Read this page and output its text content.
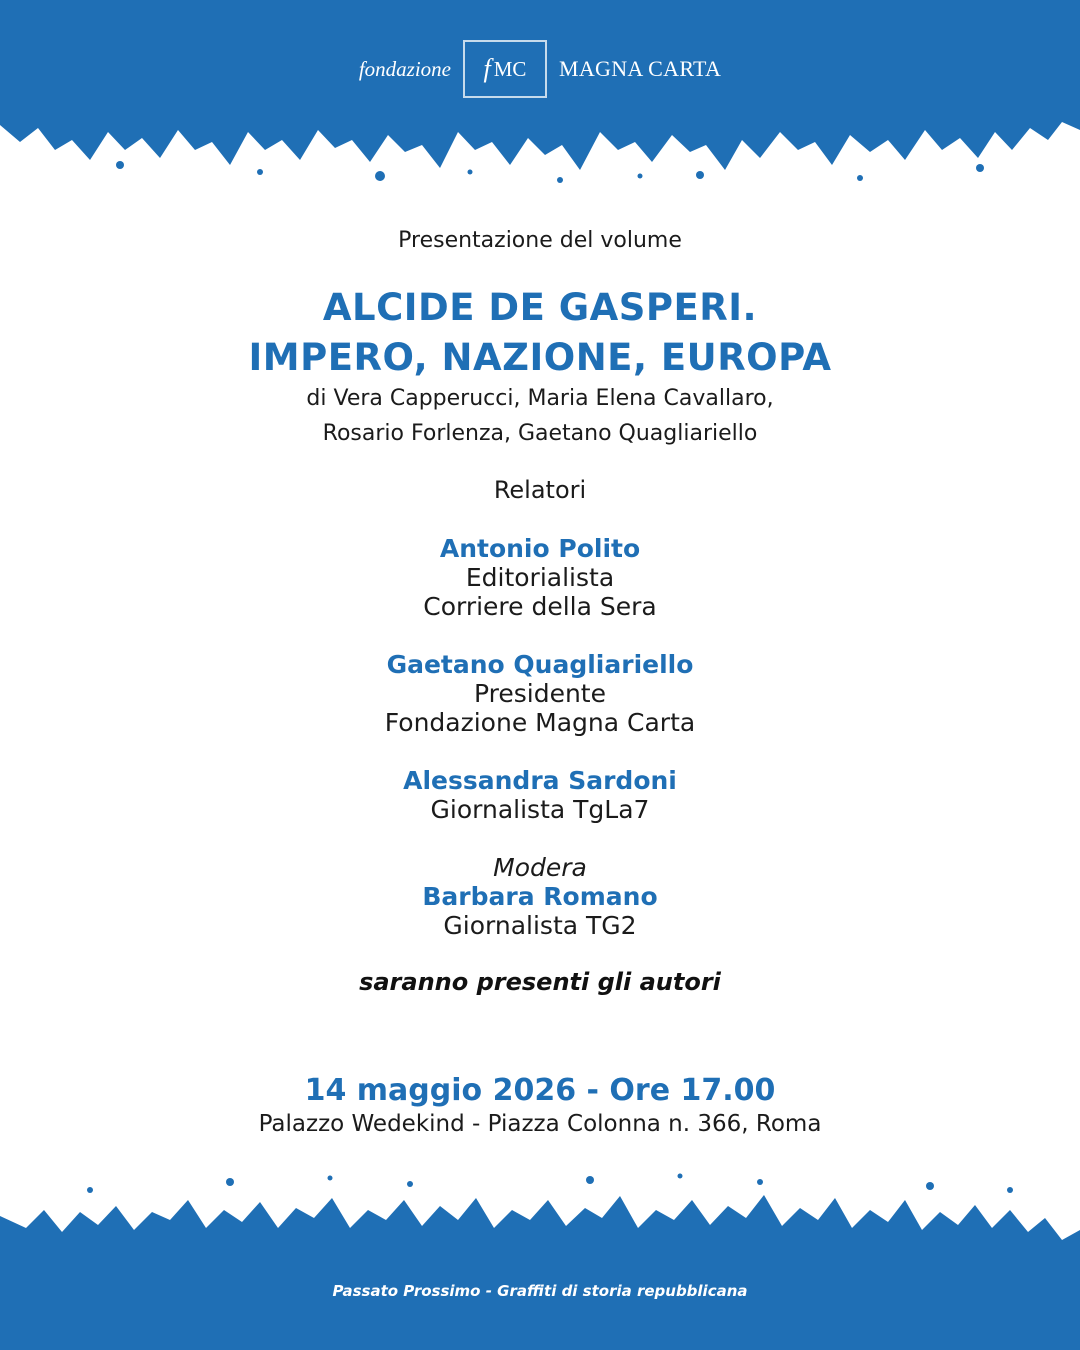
fondazione f MC MAGNA CARTA
Presentazione del volume
ALCIDE DE GASPERI.
IMPERO, NAZIONE, EUROPA
di Vera Capperucci, Maria Elena Cavallaro,
Rosario Forlenza, Gaetano Quagliariello
Relatori
Antonio Polito
Editorialista
Corriere della Sera
Gaetano Quagliariello
Presidente
Fondazione Magna Carta
Alessandra Sardoni
Giornalista TgLa7
Modera
Barbara Romano
Giornalista TG2
saranno presenti gli autori
14 maggio 2026 - Ore 17.00
Palazzo Wedekind - Piazza Colonna n. 366, Roma
Passato Prossimo - Graffiti di storia repubblicana
